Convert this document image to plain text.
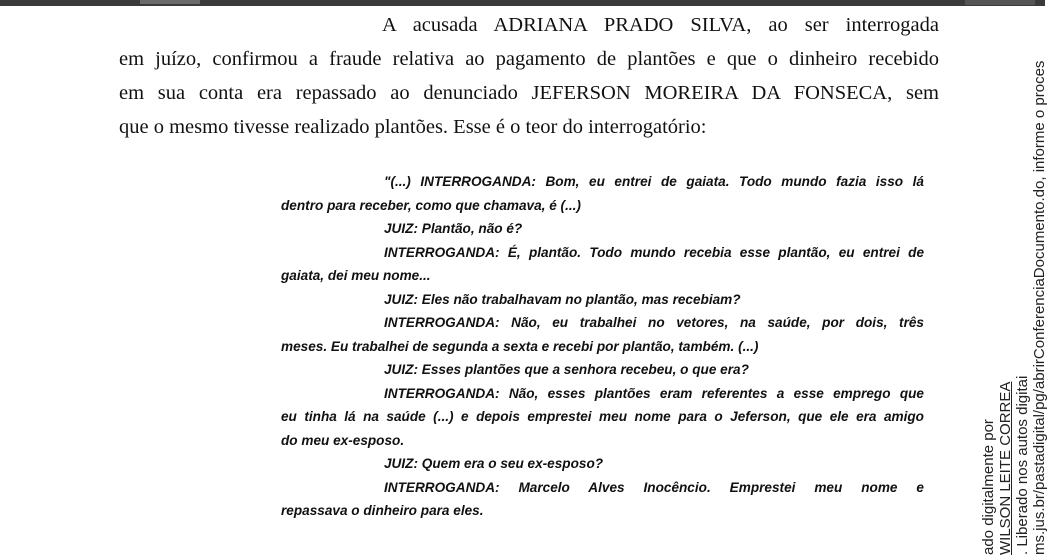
A acusada ADRIANA PRADO SILVA, ao ser interrogada
em juízo, confirmou a fraude relativa ao pagamento de plantões e que o dinheiro recebido
em sua conta era repassado ao denunciado JEFERSON MOREIRA DA FONSECA, sem
que o mesmo tivesse realizado plantões. Esse é o teor do interrogatório:
"(...) INTERROGANDA: Bom, eu entrei de gaiata. Todo mundo fazia isso lá
dentro para receber, como que chamava, é (...)
JUIZ: Plantão, não é?
INTERROGANDA: É, plantão. Todo mundo recebia esse plantão, eu entrei de
gaiata, dei meu nome...
JUIZ: Eles não trabalhavam no plantão, mas recebiam?
INTERROGANDA: Não, eu trabalhei no vetores, na saúde, por dois, três
meses. Eu trabalhei de segunda a sexta e recebi por plantão, também. (...)
JUIZ: Esses plantões que a senhora recebeu, o que era?
INTERROGANDA: Não, esses plantões eram referentes a esse emprego que
eu tinha lá na saúde (...) e depois emprestei meu nome para o Jeferson, que ele era amigo
do meu ex-esposo.
JUIZ: Quem era o seu ex-esposo?
INTERROGANDA: Marcelo Alves Inocêncio. Emprestei meu nome e
repassava o dinheiro para eles.	ado digitalmente por WILSON LEITE CORREA . Liberado nos autos digitai ms.jus.br/pastadigital/pg/abrirConferenciaDocumento.do, informe o proces
